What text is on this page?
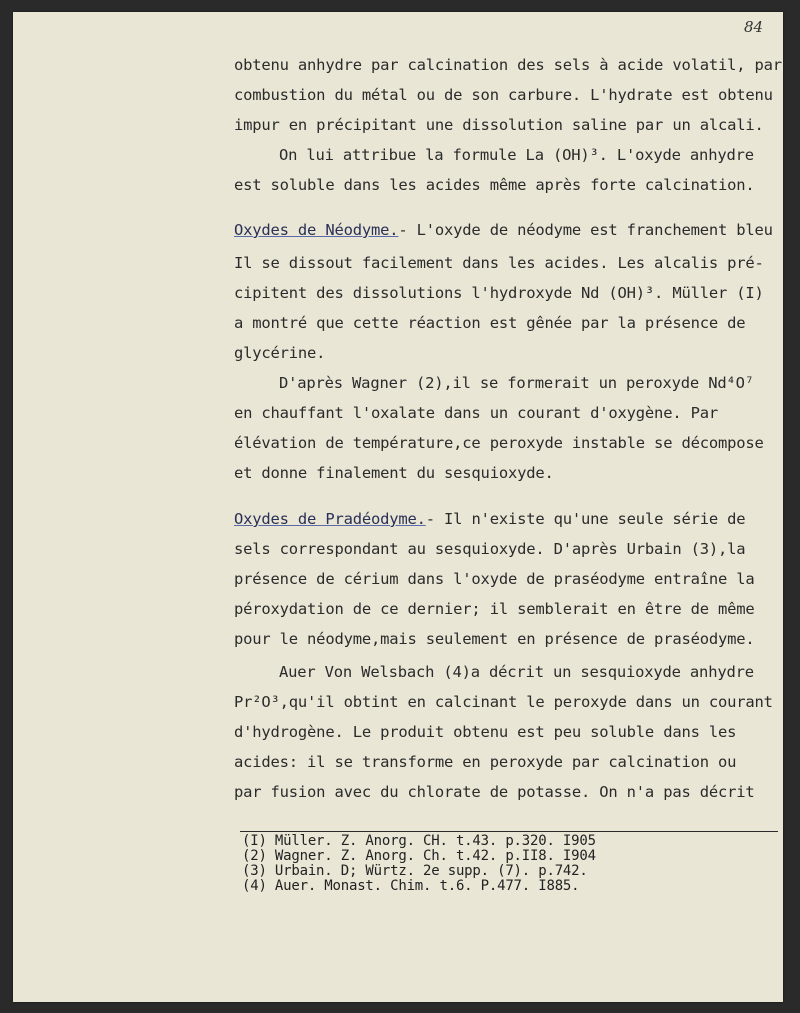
84
obtenu anhydre par calcination des sels à acide volatil, par
combustion du métal ou de son carbure. L'hydrate est obtenu
impur en précipitant une dissolution saline par un alcali.
On lui attribue la formule La (OH)³. L'oxyde anhydre
est soluble dans les acides même après forte calcination.
Oxydes de Néodyme.- L'oxyde de néodyme est franchement bleu
Il se dissout facilement dans les acides. Les alcalis pré-
cipitent des dissolutions l'hydroxyde Nd (OH)³. Müller (I)
a montré que cette réaction est gênée par la présence de
glycérine.
D'après Wagner (2),il se formerait un peroxyde Nd⁴O⁷
en chauffant l'oxalate dans un courant d'oxygène. Par
élévation de température,ce peroxyde instable se décompose
et donne finalement du sesquioxyde.
Oxydes de Pradéodyme.- Il n'existe qu'une seule série de
sels correspondant au sesquioxyde. D'après Urbain (3),la
présence de cérium dans l'oxyde de praséodyme entraîne la
péroxydation de ce dernier; il semblerait en être de même
pour le néodyme,mais seulement en présence de praséodyme.
Auer Von Welsbach (4)a décrit un sesquioxyde anhydre
Pr²O³,qu'il obtint en calcinant le peroxyde dans un courant
d'hydrogène. Le produit obtenu est peu soluble dans les
acides: il se transforme en peroxyde par calcination ou
par fusion avec du chlorate de potasse. On n'a pas décrit
(I) Müller. Z. Anorg. CH. t.43. p.320. I905
(2) Wagner. Z. Anorg. Ch. t.42. p.II8. I904
(3) Urbain. D; Würtz. 2e supp. (7). p.742.
(4) Auer. Monast. Chim. t.6. P.477. I885.
